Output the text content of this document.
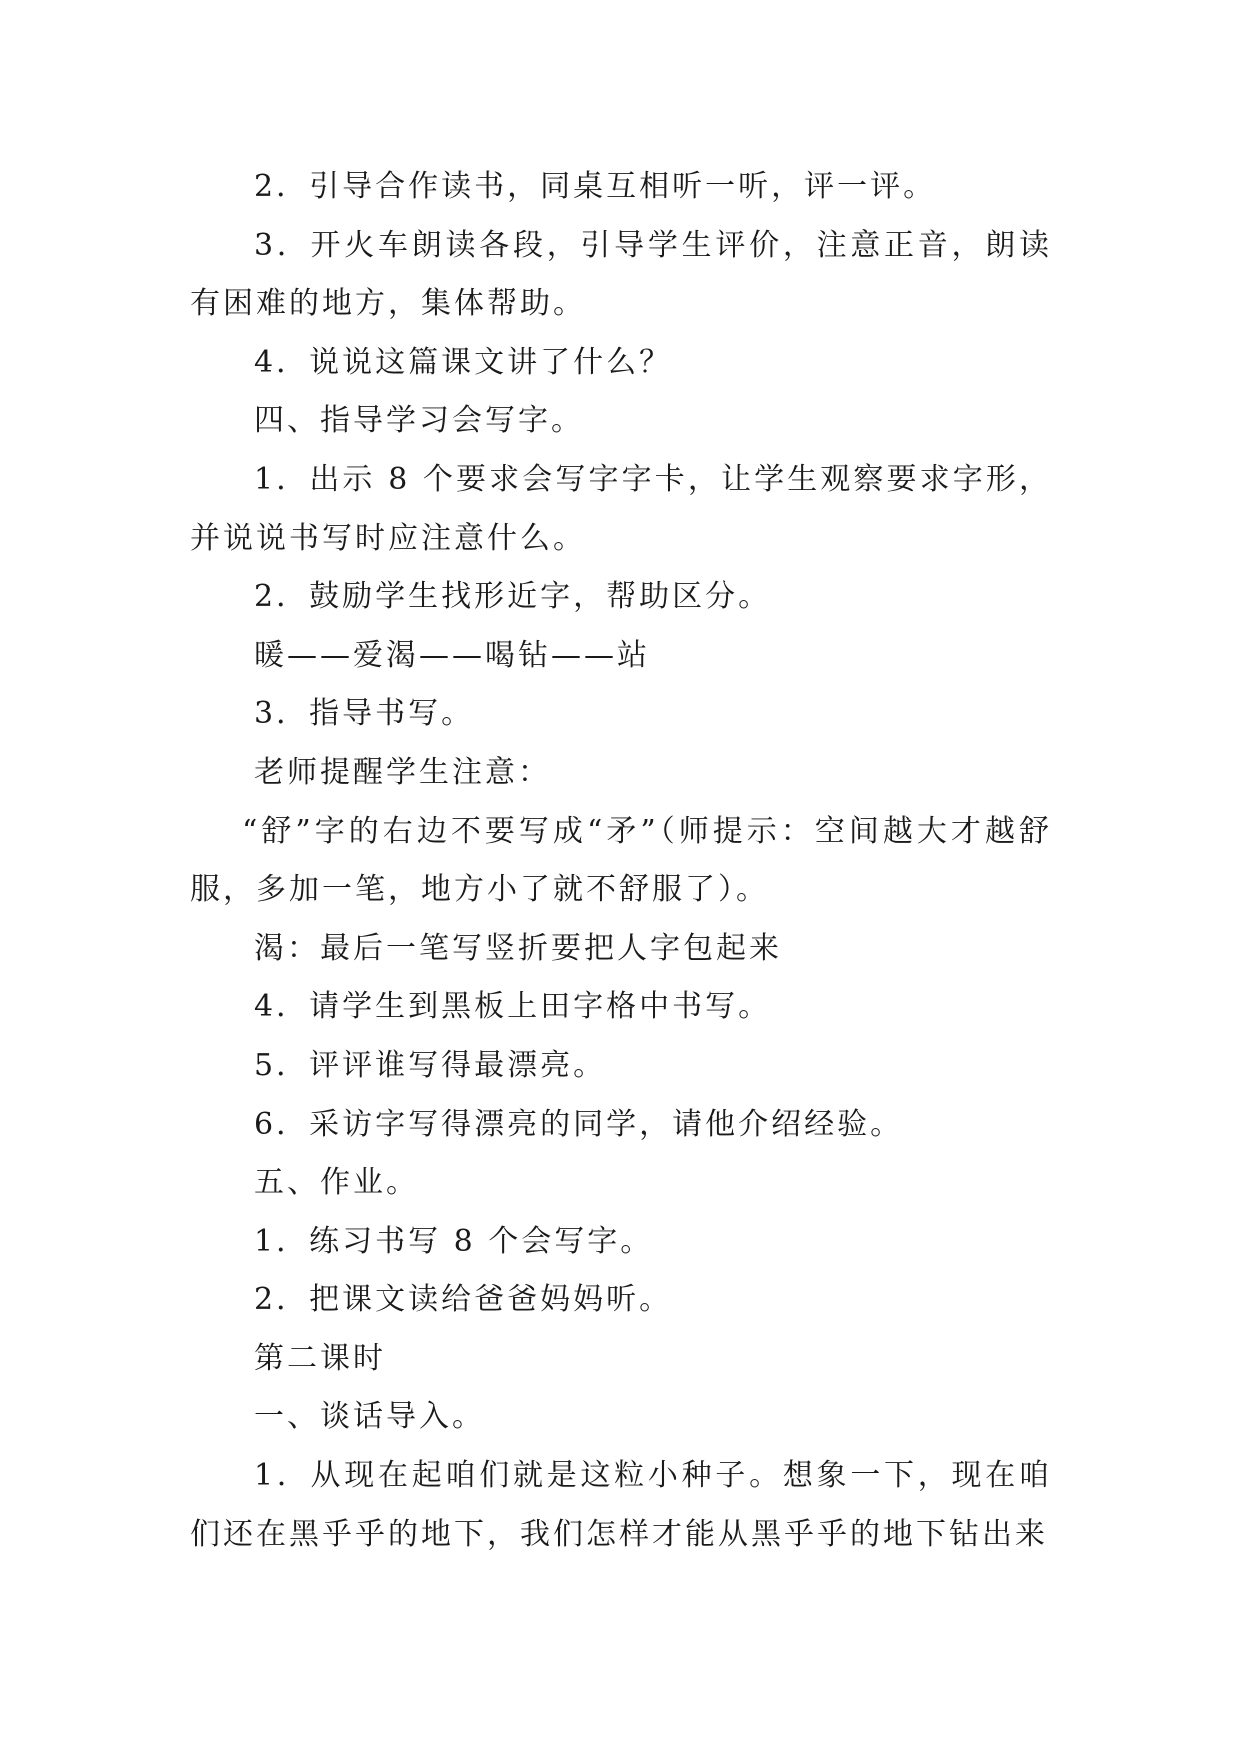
2．引导合作读书，同桌互相听一听，评一评。

3．开火车朗读各段，引导学生评价，注意正音，朗读有困难的地方，集体帮助。

4．说说这篇课文讲了什么？

四、指导学习会写字。

1．出示 8 个要求会写字字卡，让学生观察要求字形，并说说书写时应注意什么。

2．鼓励学生找形近字，帮助区分。

暖——爱渴——喝钻——站

3．指导书写。

老师提醒学生注意：

“舒”字的右边不要写成“矛”（师提示：空间越大才越舒服，多加一笔，地方小了就不舒服了）。

渴：最后一笔写竖折要把人字包起来

4．请学生到黑板上田字格中书写。

5．评评谁写得最漂亮。

6．采访字写得漂亮的同学，请他介绍经验。

五、作业。

1．练习书写 8 个会写字。

2．把课文读给爸爸妈妈听。

第二课时

一、谈话导入。

1．从现在起咱们就是这粒小种子。想象一下，现在咱们还在黑乎乎的地下，我们怎样才能从黑乎乎的地下钻出来
